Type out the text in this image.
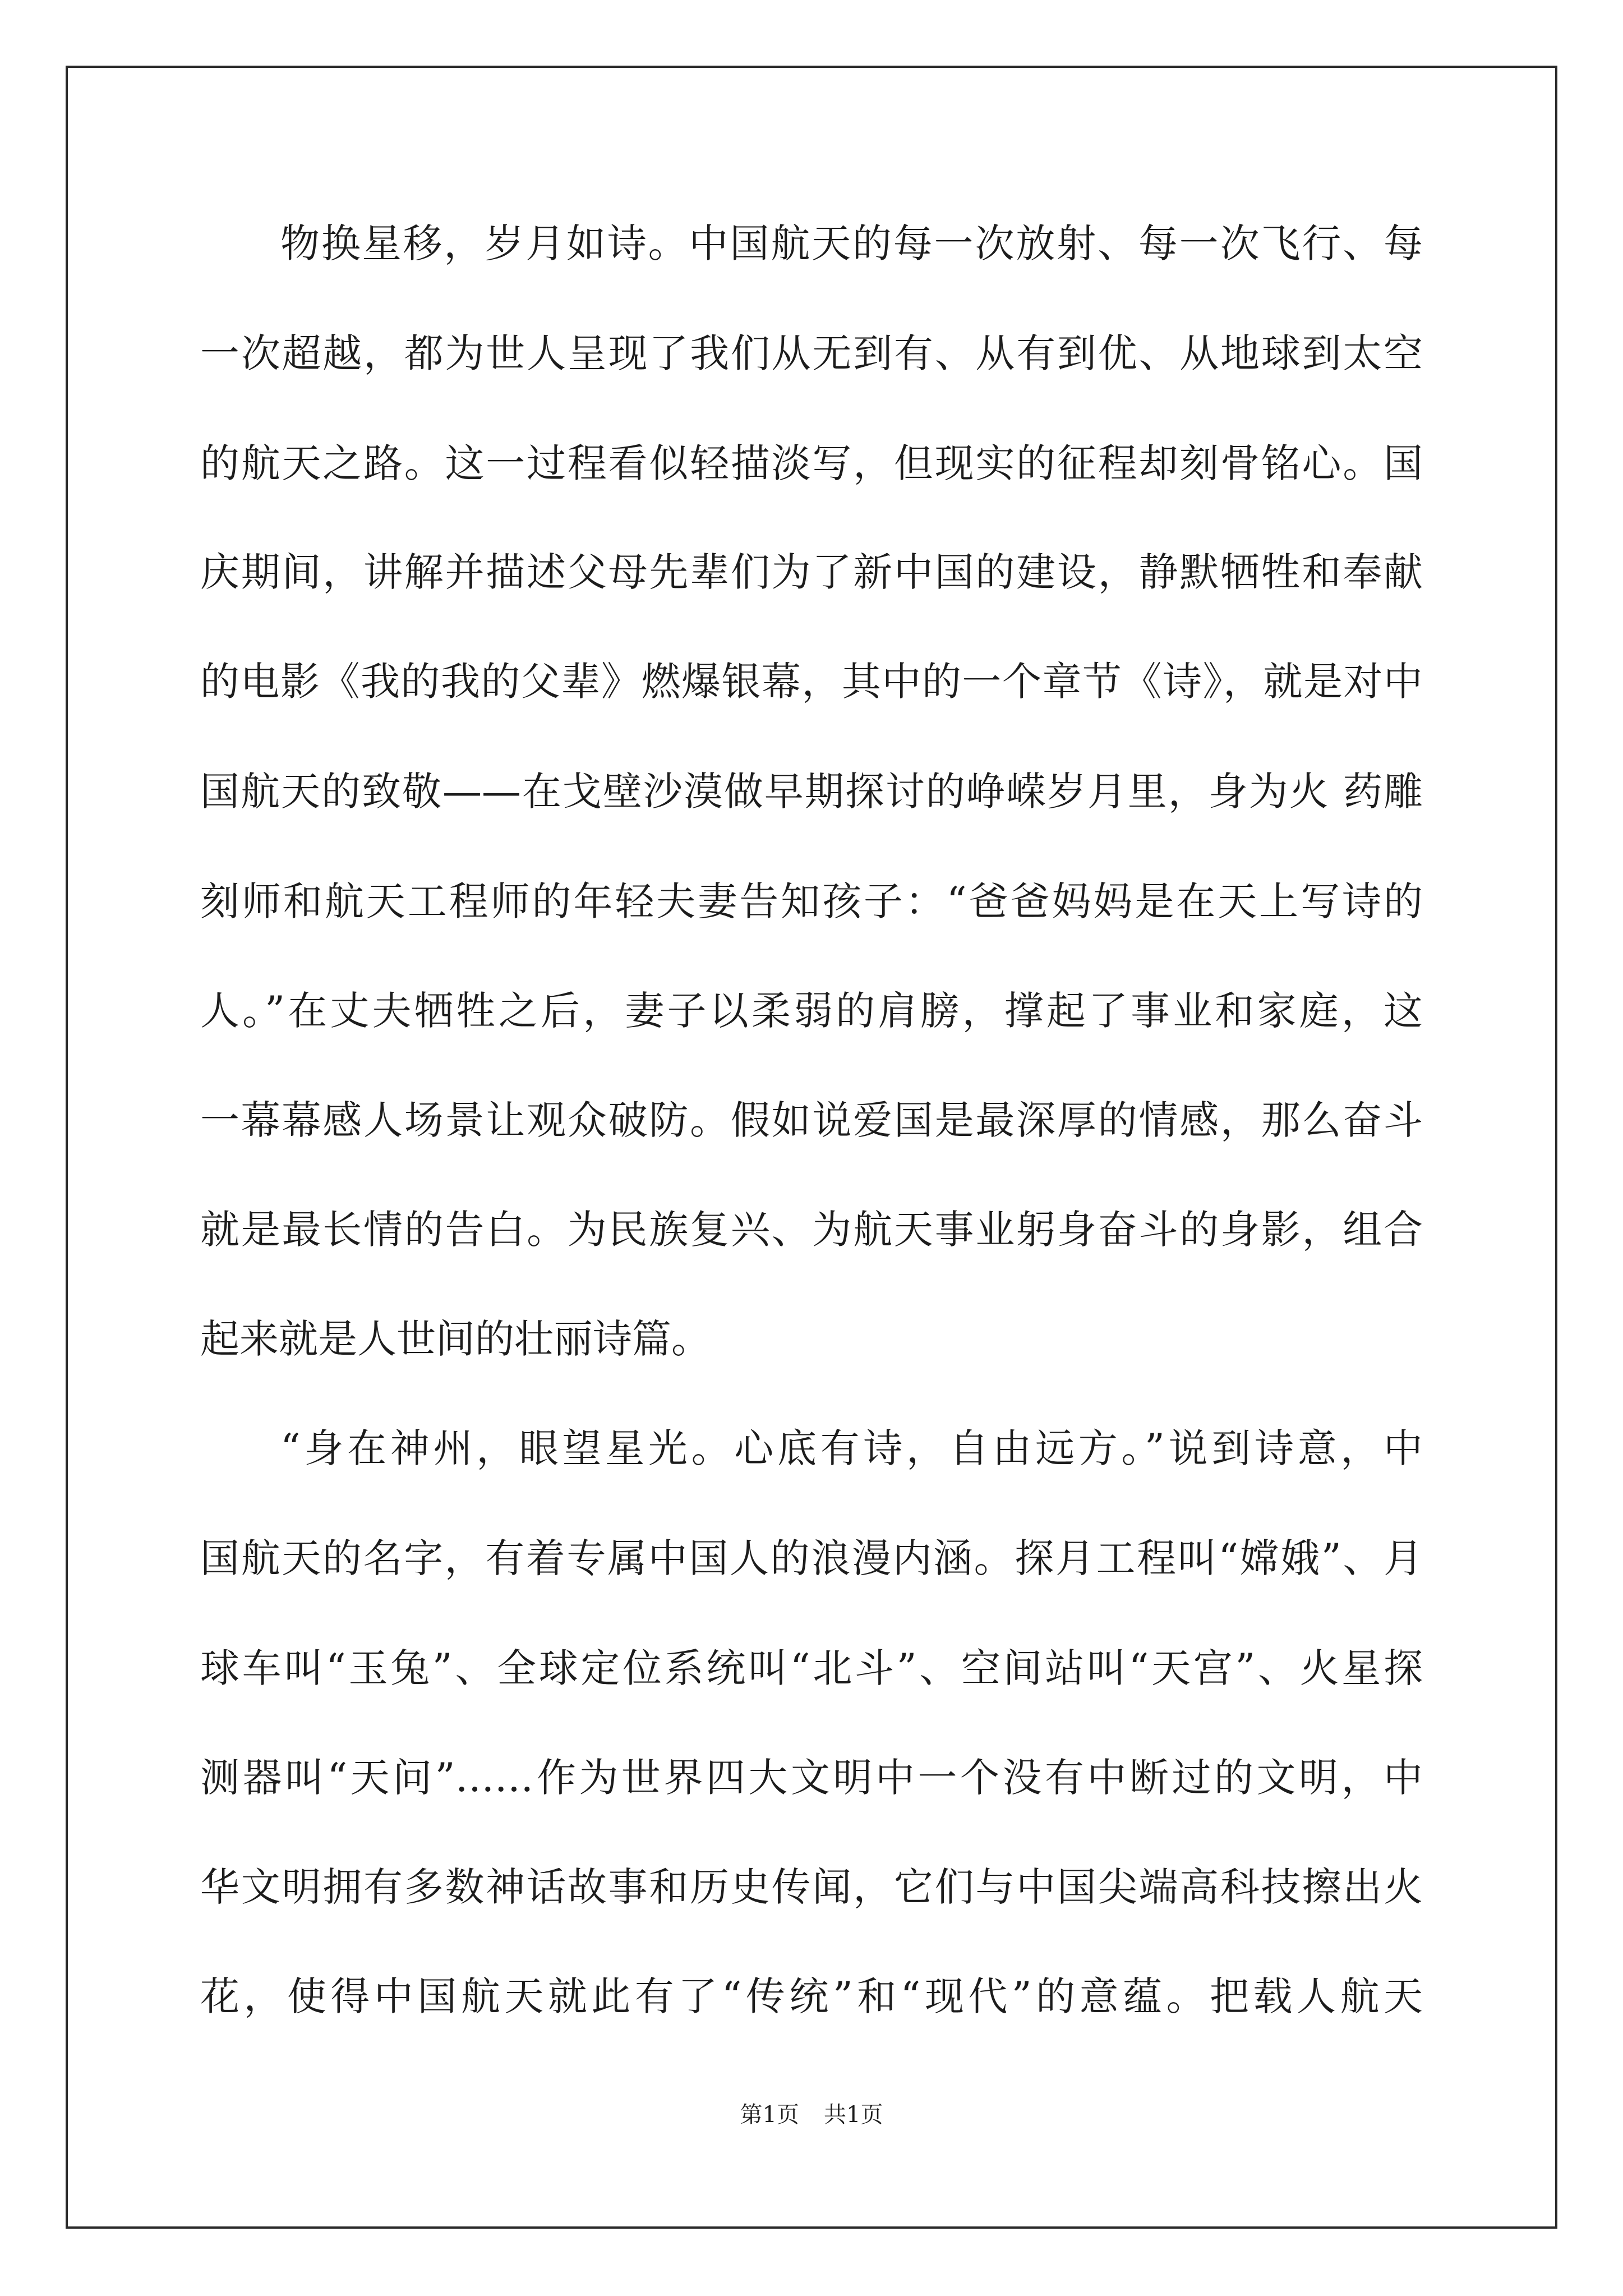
物换星移，岁月如诗。中国航天的每一次放射、每一次飞行、每
一次超越，都为世人呈现了我们从无到有、从有到优、从地球到太空
的航天之路。这一过程看似轻描淡写，但现实的征程却刻骨铭心。国
庆期间，讲解并描述父母先辈们为了新中国的建设，静默牺牲和奉献
的电影《我的我的父辈》燃爆银幕，其中的一个章节《诗》，就是对中
国航天的致敬——在戈壁沙漠做早期探讨的峥嵘岁月里，身为火 药雕
刻师和航天工程师的年轻夫妻告知孩子：“爸爸妈妈是在天上写诗的
人。”在丈夫牺牲之后，妻子以柔弱的肩膀，撑起了事业和家庭，这
一幕幕感人场景让观众破防。假如说爱国是最深厚的情感，那么奋斗
就是最长情的告白。为民族复兴、为航天事业躬身奋斗的身影，组合
起来就是人世间的壮丽诗篇。
“身在神州，眼望星光。心底有诗，自由远方。”说到诗意，中
国航天的名字，有着专属中国人的浪漫内涵。探月工程叫“嫦娥”、月
球车叫“玉兔”、全球定位系统叫“北斗”、空间站叫“天宫”、火星探
测器叫“天问”……作为世界四大文明中一个没有中断过的文明，中
华文明拥有多数神话故事和历史传闻，它们与中国尖端高科技擦出火
花，使得中国航天就此有了“传统”和“现代”的意蕴。把载人航天
第1页 共1页
